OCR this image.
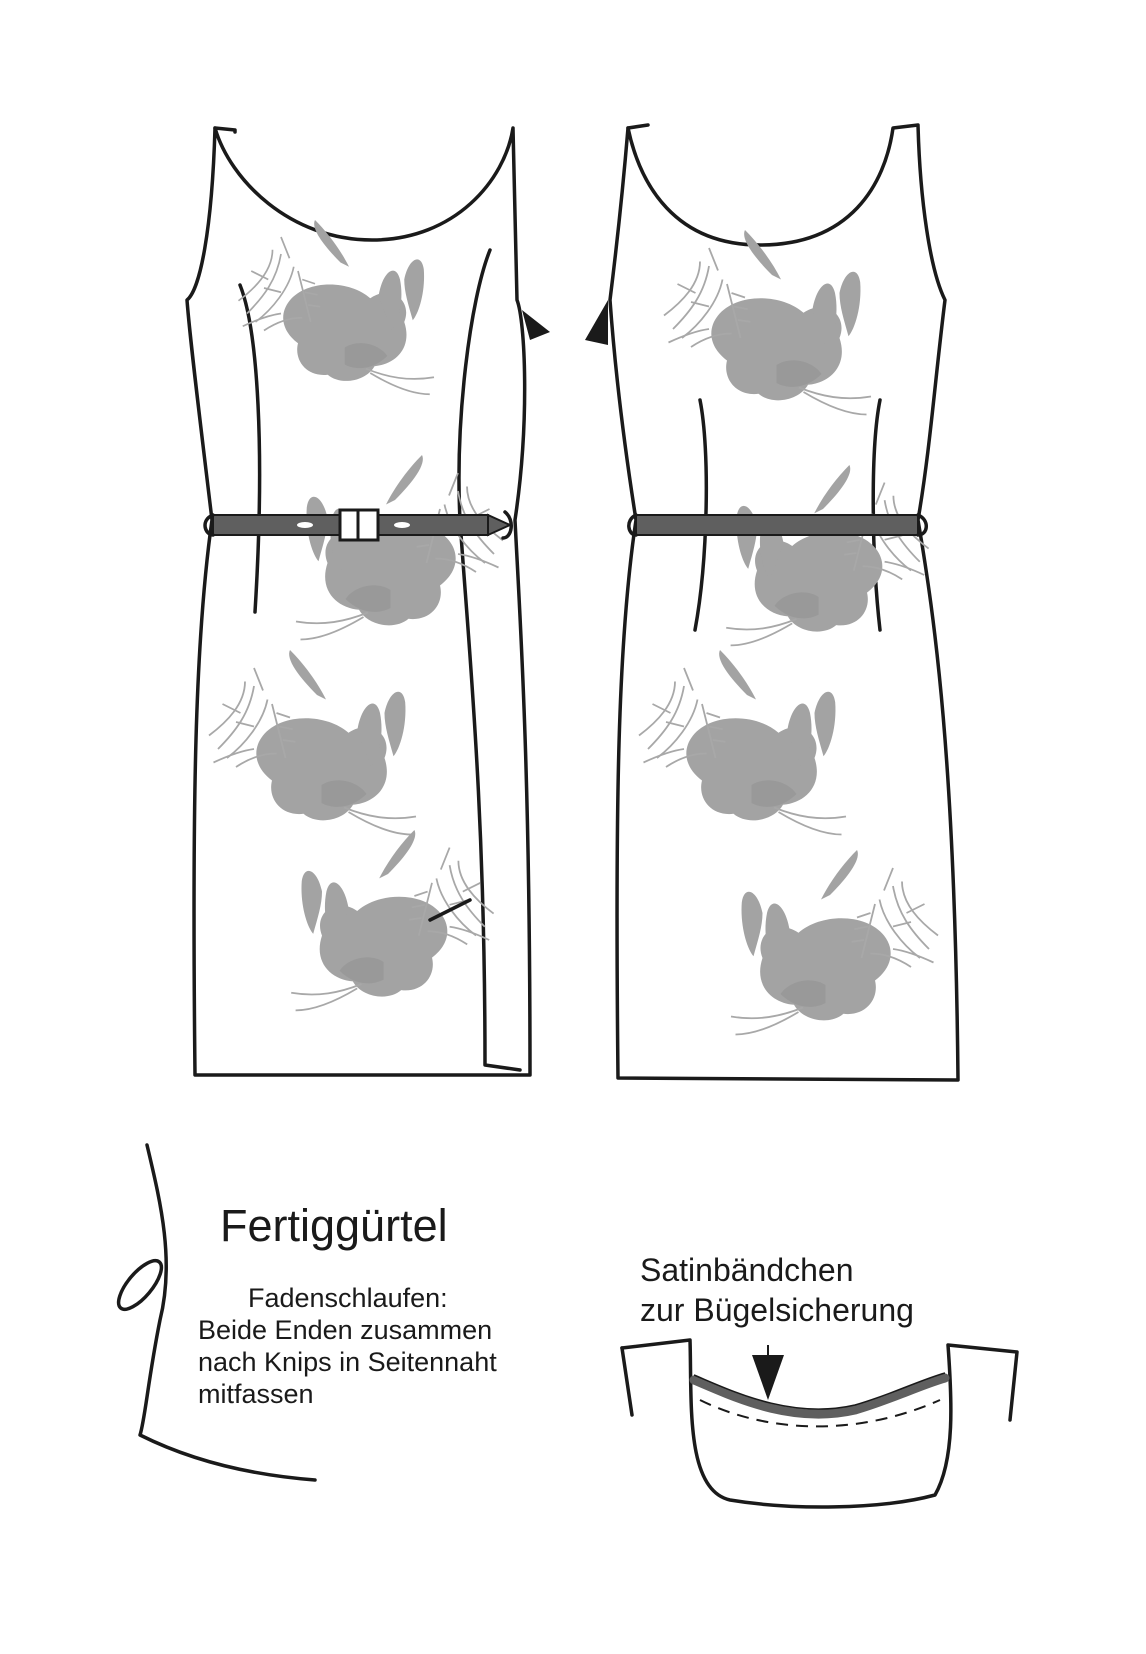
Fertiggürtel
Fadenschlaufen:
Beide Enden zusammen
nach Knips in Seitennaht
mitfassen
Satinbändchen
zur Bügelsicherung
